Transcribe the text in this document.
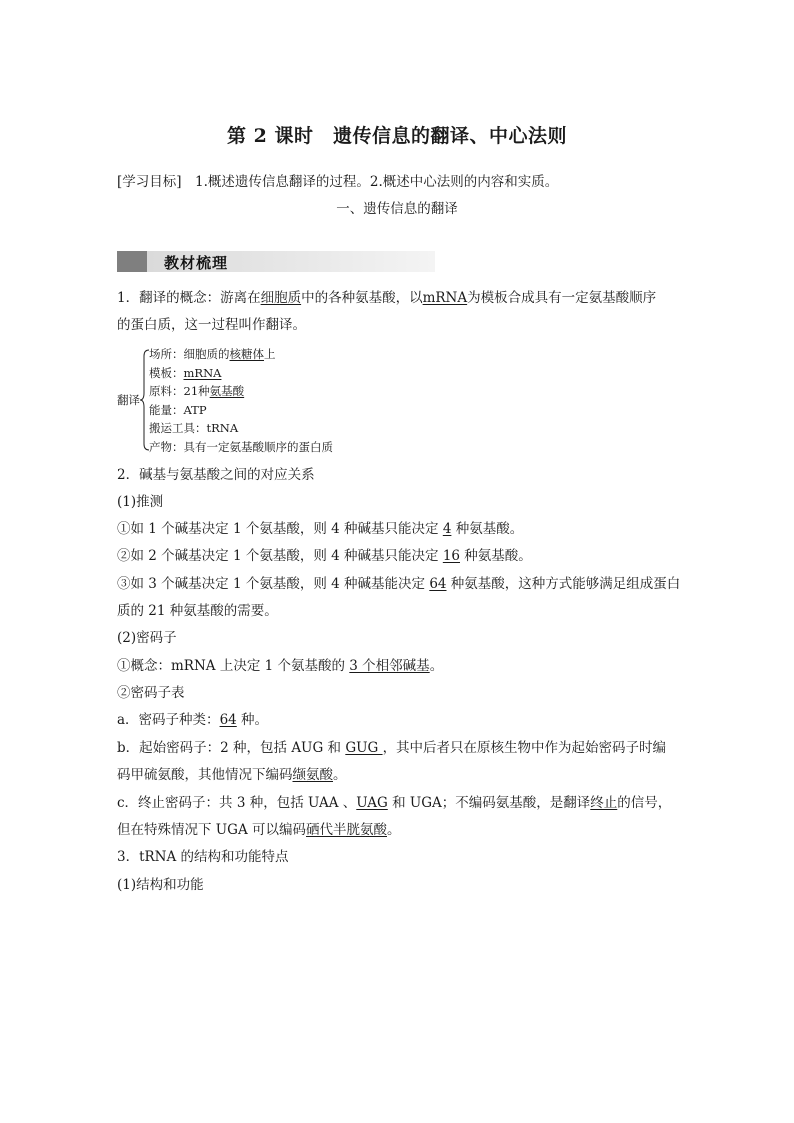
第 2 课时　遗传信息的翻译、中心法则
[学习目标]　 1.概述遗传信息翻译的过程。2.概述中心法则的内容和实质。
一、遗传信息的翻译
教材梳理
1．翻译的概念：游离在细胞质中的各种氨基酸，以mRNA为模板合成具有一定氨基酸顺序
的蛋白质，这一过程叫作翻译。
翻译
场所：细胞质的核糖体上
模板：mRNA
原料：21种氨基酸
能量：ATP
搬运工具：tRNA
产物：具有一定氨基酸顺序的蛋白质
2．碱基与氨基酸之间的对应关系
(1)推测
①如 1 个碱基决定 1 个氨基酸，则 4 种碱基只能决定 4 种氨基酸。
②如 2 个碱基决定 1 个氨基酸，则 4 种碱基只能决定 16 种氨基酸。
③如 3 个碱基决定 1 个氨基酸，则 4 种碱基能决定 64 种氨基酸，这种方式能够满足组成蛋白
质的 21 种氨基酸的需要。
(2)密码子
①概念：mRNA 上决定 1 个氨基酸的 3 个相邻碱基。
②密码子表
a．密码子种类：64 种。
b．起始密码子：2 种，包括 AUG 和 GUG ，其中后者只在原核生物中作为起始密码子时编
码甲硫氨酸，其他情况下编码缬氨酸。
c．终止密码子：共 3 种，包括 UAA 、UAG 和 UGA；不编码氨基酸，是翻译终止的信号，
但在特殊情况下 UGA 可以编码硒代半胱氨酸。
3．tRNA 的结构和功能特点
(1)结构和功能
